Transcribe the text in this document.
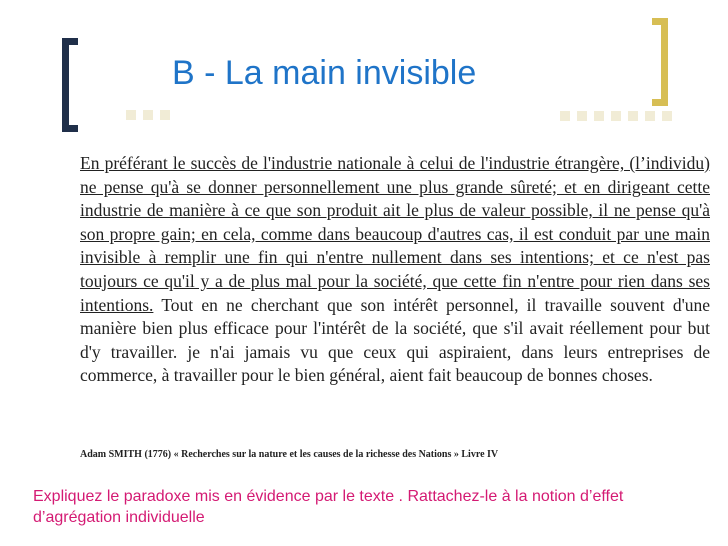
B - La main invisible

En préférant le succès de l'industrie nationale à celui de l'industrie étrangère, (l’individu) ne pense qu'à se donner personnellement une plus grande sûreté; et en dirigeant cette industrie de manière à ce que son produit ait le plus de valeur possible, il ne pense qu'à son propre gain; en cela, comme dans beaucoup d'autres cas, il est conduit par une main invisible à remplir une fin qui n'entre nullement dans ses intentions; et ce n'est pas toujours ce qu'il y a de plus mal pour la société, que cette fin n'entre pour rien dans ses intentions. Tout en ne cherchant que son intérêt personnel, il travaille souvent d'une manière bien plus efficace pour l'intérêt de la société, que s'il avait réellement pour but d'y travailler. je n'ai jamais vu que ceux qui aspiraient, dans leurs entreprises de commerce, à travailler pour le bien général, aient fait beaucoup de bonnes choses.

Adam SMITH (1776) « Recherches sur la nature et les causes de la richesse des Nations » Livre IV

Expliquez le paradoxe mis en évidence par le texte . Rattachez-le à la notion d’effet d’agrégation individuelle
